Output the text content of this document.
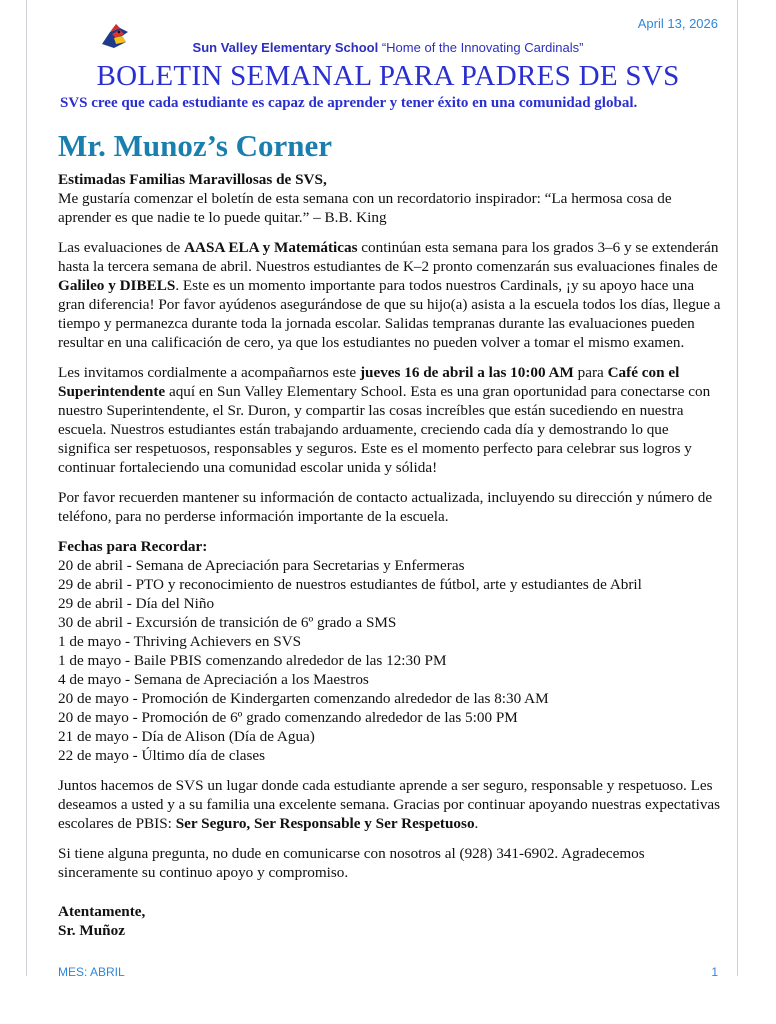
April 13, 2026
Sun Valley Elementary School “Home of the Innovating Cardinals”
BOLETIN SEMANAL PARA PADRES DE SVS
SVS cree que cada estudiante es capaz de aprender y tener éxito en una comunidad global.
Mr. Munoz’s Corner

Estimadas Familias Maravillosas de SVS,

Me gustaría comenzar el boletín de esta semana con un recordatorio inspirador: “La hermosa cosa de aprender es que nadie te lo puede quitar.” – B.B. King

Las evaluaciones de AASA ELA y Matemáticas continúan esta semana para los grados 3–6 y se extenderán hasta la tercera semana de abril. Nuestros estudiantes de K–2 pronto comenzarán sus evaluaciones finales de Galileo y DIBELS. Este es un momento importante para todos nuestros Cardinals, ¡y su apoyo hace una gran diferencia! Por favor ayúdenos asegurándose de que su hijo(a) asista a la escuela todos los días, llegue a tiempo y permanezca durante toda la jornada escolar. Salidas tempranas durante las evaluaciones pueden resultar en una calificación de cero, ya que los estudiantes no pueden volver a tomar el mismo examen.

Les invitamos cordialmente a acompañarnos este jueves 16 de abril a las 10:00 AM para Café con el Superintendente aquí en Sun Valley Elementary School. Esta es una gran oportunidad para conectarse con nuestro Superintendente, el Sr. Duron, y compartir las cosas increíbles que están sucediendo en nuestra escuela. Nuestros estudiantes están trabajando arduamente, creciendo cada día y demostrando lo que significa ser respetuosos, responsables y seguros. Este es el momento perfecto para celebrar sus logros y continuar fortaleciendo una comunidad escolar unida y sólida!

Por favor recuerden mantener su información de contacto actualizada, incluyendo su dirección y número de teléfono, para no perderse información importante de la escuela.

Fechas para Recordar:
20 de abril - Semana de Apreciación para Secretarias y Enfermeras
29 de abril - PTO y reconocimiento de nuestros estudiantes de fútbol, arte y estudiantes de Abril
29 de abril - Día del Niño
30 de abril - Excursión de transición de 6º grado a SMS
1 de mayo - Thriving Achievers en SVS
1 de mayo - Baile PBIS comenzando alrededor de las 12:30 PM
4 de mayo - Semana de Apreciación a los Maestros
20 de mayo - Promoción de Kindergarten comenzando alrededor de las 8:30 AM
20 de mayo - Promoción de 6º grado comenzando alrededor de las 5:00 PM
21 de mayo - Día de Alison (Día de Agua)
22 de mayo - Último día de clases

Juntos hacemos de SVS un lugar donde cada estudiante aprende a ser seguro, responsable y respetuoso. Les deseamos a usted y a su familia una excelente semana. Gracias por continuar apoyando nuestras expectativas escolares de PBIS: Ser Seguro, Ser Responsable y Ser Respetuoso.

Si tiene alguna pregunta, no dude en comunicarse con nosotros al (928) 341-6902. Agradecemos sinceramente su continuo apoyo y compromiso.

Atentamente,
Sr. Muñoz
MES: ABRIL	1
